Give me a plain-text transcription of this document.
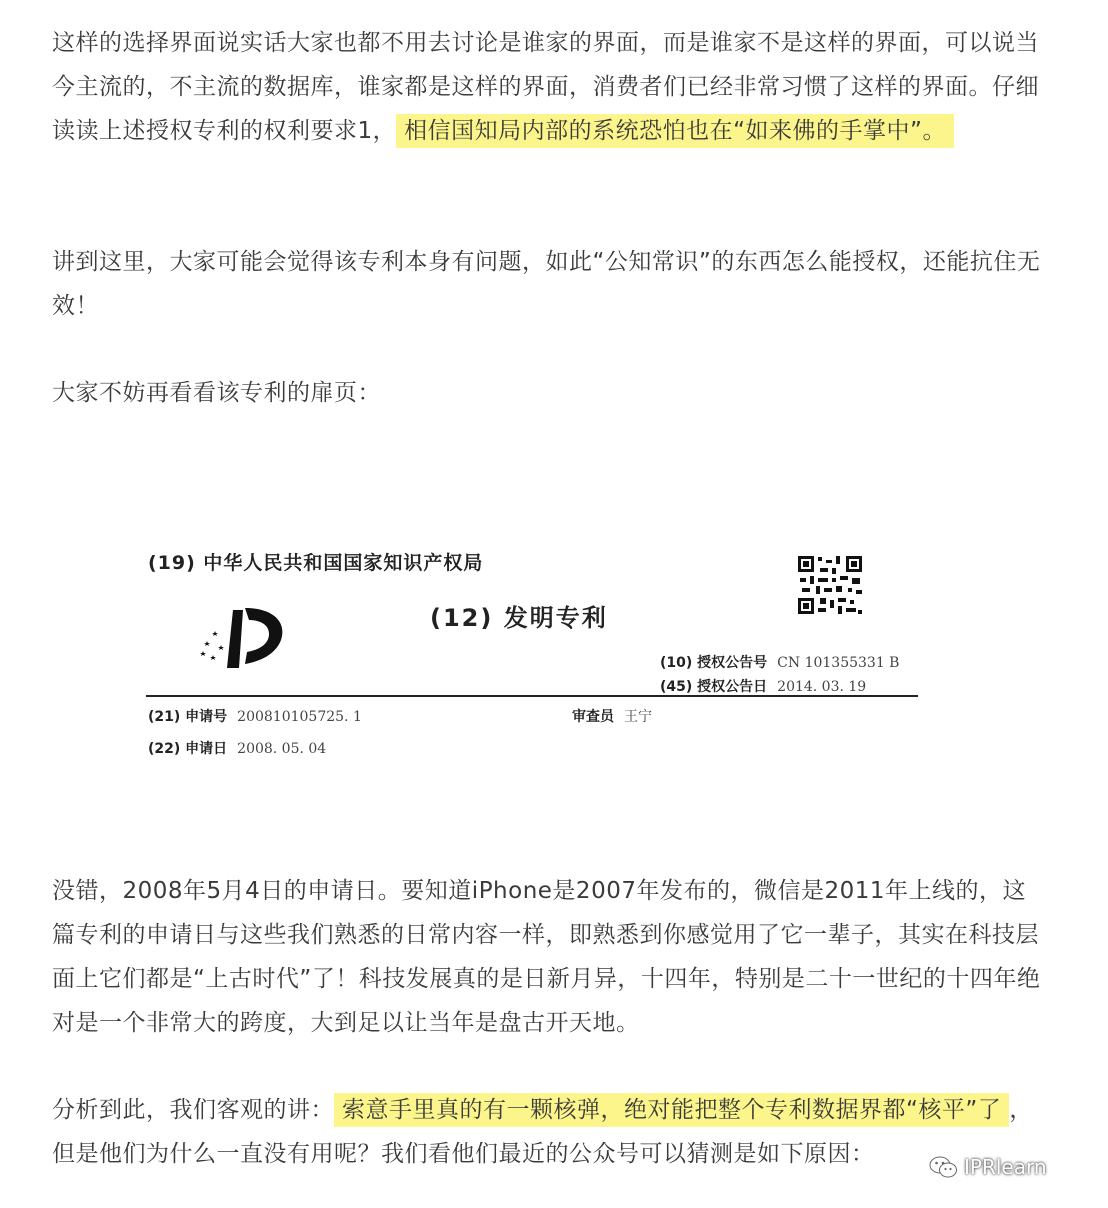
这样的选择界面说实话大家也都不用去讨论是谁家的界面，而是谁家不是这样的界面，可以说当今主流的，不主流的数据库，谁家都是这样的界面，消费者们已经非常习惯了这样的界面。仔细读读上述授权专利的权利要求1， 相信国知局内部的系统恐怕也在“如来佛的手掌中”。

讲到这里，大家可能会觉得该专利本身有问题，如此“公知常识”的东西怎么能授权，还能抗住无效！

大家不妨再看看该专利的扉页：

(19) 中华人民共和国国家知识产权局
(12) 发明专利
(10) 授权公告号 CN 101355331 B
(45) 授权公告日 2014. 03. 19
(21) 申请号 200810105725. 1	审查员 王宁
(22) 申请日 2008. 05. 04

没错，2008年5月4日的申请日。要知道iPhone是2007年发布的，微信是2011年上线的，这篇专利的申请日与这些我们熟悉的日常内容一样，即熟悉到你感觉用了它一辈子，其实在科技层面上它们都是“上古时代”了！科技发展真的是日新月异，十四年，特别是二十一世纪的十四年绝对是一个非常大的跨度，大到足以让当年是盘古开天地。

分析到此，我们客观的讲： 索意手里真的有一颗核弹，绝对能把整个专利数据界都“核平”了 ，但是他们为什么一直没有用呢？我们看他们最近的公众号可以猜测是如下原因：	IPRlearn
